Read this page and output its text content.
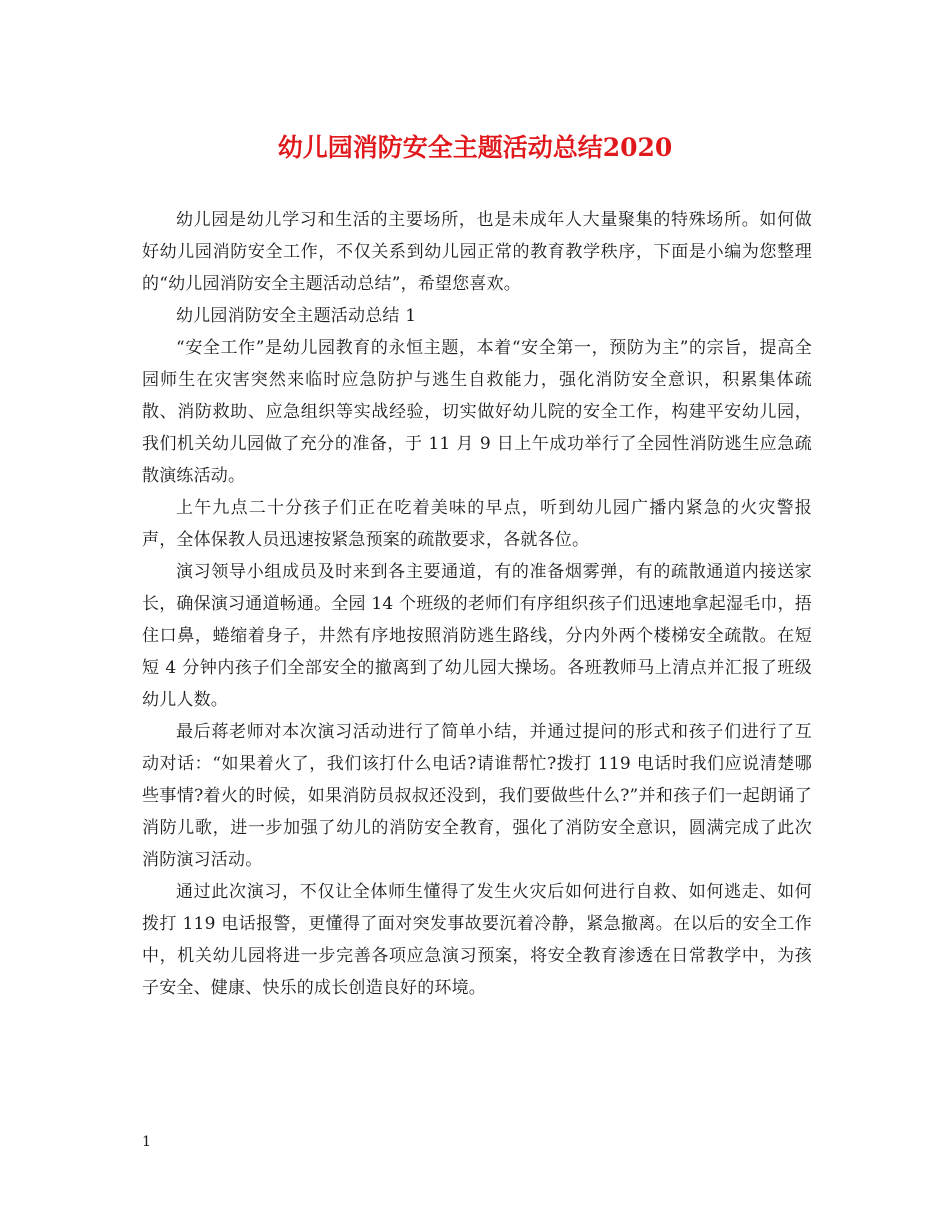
幼儿园消防安全主题活动总结2020

幼儿园是幼儿学习和生活的主要场所，也是未成年人大量聚集的特殊场所。如何做好幼儿园消防安全工作，不仅关系到幼儿园正常的教育教学秩序，下面是小编为您整理的“幼儿园消防安全主题活动总结”，希望您喜欢。

幼儿园消防安全主题活动总结 1

“安全工作”是幼儿园教育的永恒主题，本着“安全第一，预防为主”的宗旨，提高全园师生在灾害突然来临时应急防护与逃生自救能力，强化消防安全意识，积累集体疏散、消防救助、应急组织等实战经验，切实做好幼儿院的安全工作，构建平安幼儿园，我们机关幼儿园做了充分的准备，于 11 月 9 日上午成功举行了全园性消防逃生应急疏散演练活动。

上午九点二十分孩子们正在吃着美味的早点，听到幼儿园广播内紧急的火灾警报声，全体保教人员迅速按紧急预案的疏散要求，各就各位。

演习领导小组成员及时来到各主要通道，有的准备烟雾弹，有的疏散通道内接送家长，确保演习通道畅通。全园 14 个班级的老师们有序组织孩子们迅速地拿起湿毛巾，捂住口鼻，蜷缩着身子，井然有序地按照消防逃生路线，分内外两个楼梯安全疏散。在短短 4 分钟内孩子们全部安全的撤离到了幼儿园大操场。各班教师马上清点并汇报了班级幼儿人数。

最后蒋老师对本次演习活动进行了简单小结，并通过提问的形式和孩子们进行了互动对话：“如果着火了，我们该打什么电话?请谁帮忙?拨打 119 电话时我们应说清楚哪些事情?着火的时候，如果消防员叔叔还没到，我们要做些什么?”并和孩子们一起朗诵了消防儿歌，进一步加强了幼儿的消防安全教育，强化了消防安全意识，圆满完成了此次消防演习活动。

通过此次演习，不仅让全体师生懂得了发生火灾后如何进行自救、如何逃走、如何拨打 119 电话报警，更懂得了面对突发事故要沉着冷静，紧急撤离。在以后的安全工作中，机关幼儿园将进一步完善各项应急演习预案，将安全教育渗透在日常教学中，为孩子安全、健康、快乐的成长创造良好的环境。

1
